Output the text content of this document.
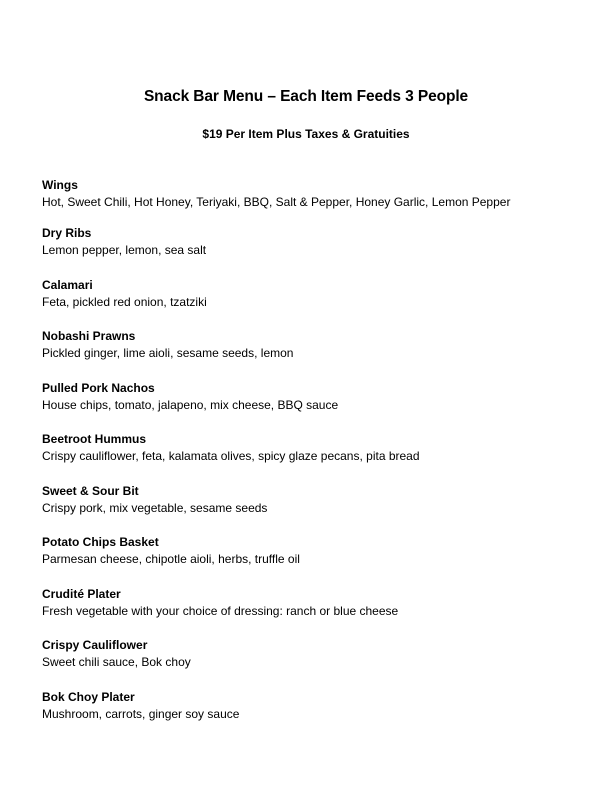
Snack Bar Menu – Each Item Feeds 3 People
$19 Per Item Plus Taxes & Gratuities
Wings
Hot, Sweet Chili, Hot Honey, Teriyaki, BBQ, Salt & Pepper, Honey Garlic, Lemon Pepper
Dry Ribs
Lemon pepper, lemon, sea salt
Calamari
Feta, pickled red onion, tzatziki
Nobashi Prawns
Pickled ginger, lime aioli, sesame seeds, lemon
Pulled Pork Nachos
House chips, tomato, jalapeno, mix cheese, BBQ sauce
Beetroot Hummus
Crispy cauliflower, feta, kalamata olives, spicy glaze pecans, pita bread
Sweet & Sour Bit
Crispy pork, mix vegetable, sesame seeds
Potato Chips Basket
Parmesan cheese, chipotle aioli, herbs, truffle oil
Crudité Plater
Fresh vegetable with your choice of dressing: ranch or blue cheese
Crispy Cauliflower
Sweet chili sauce, Bok choy
Bok Choy Plater
Mushroom, carrots, ginger soy sauce
